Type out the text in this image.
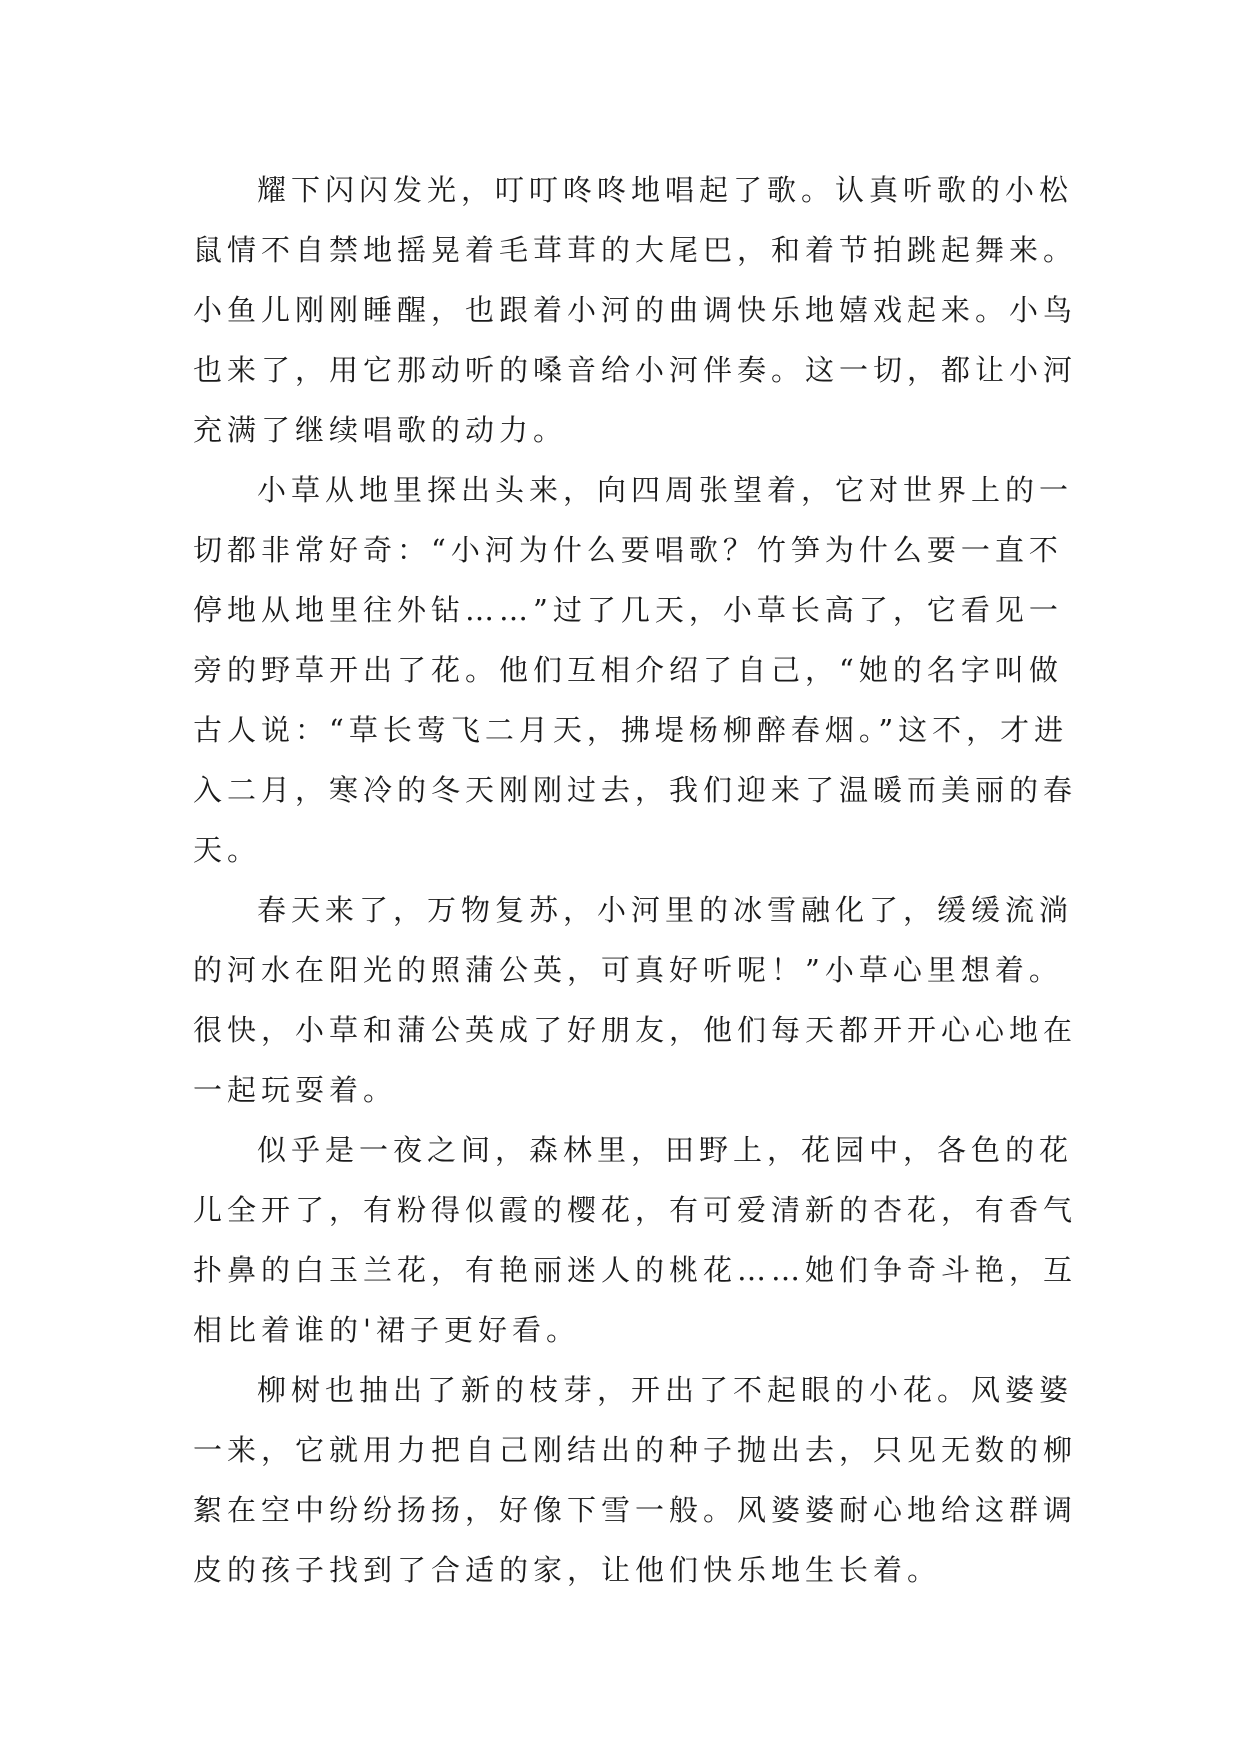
耀下闪闪发光，叮叮咚咚地唱起了歌。认真听歌的小松
鼠情不自禁地摇晃着毛茸茸的大尾巴，和着节拍跳起舞来。
小鱼儿刚刚睡醒，也跟着小河的曲调快乐地嬉戏起来。小鸟
也来了，用它那动听的嗓音给小河伴奏。这一切，都让小河
充满了继续唱歌的动力。
小草从地里探出头来，向四周张望着，它对世界上的一
切都非常好奇：“小河为什么要唱歌？竹笋为什么要一直不
停地从地里往外钻……”过了几天，小草长高了，它看见一
旁的野草开出了花。他们互相介绍了自己，“她的名字叫做
古人说：“草长莺飞二月天，拂堤杨柳醉春烟。”这不，才进
入二月，寒冷的冬天刚刚过去，我们迎来了温暖而美丽的春
天。
春天来了，万物复苏，小河里的冰雪融化了，缓缓流淌
的河水在阳光的照蒲公英，可真好听呢！”小草心里想着。
很快，小草和蒲公英成了好朋友，他们每天都开开心心地在
一起玩耍着。
似乎是一夜之间，森林里，田野上，花园中，各色的花
儿全开了，有粉得似霞的樱花，有可爱清新的杏花，有香气
扑鼻的白玉兰花，有艳丽迷人的桃花……她们争奇斗艳，互
相比着谁的'裙子更好看。
柳树也抽出了新的枝芽，开出了不起眼的小花。风婆婆
一来，它就用力把自己刚结出的种子抛出去，只见无数的柳
絮在空中纷纷扬扬，好像下雪一般。风婆婆耐心地给这群调
皮的孩子找到了合适的家，让他们快乐地生长着。
